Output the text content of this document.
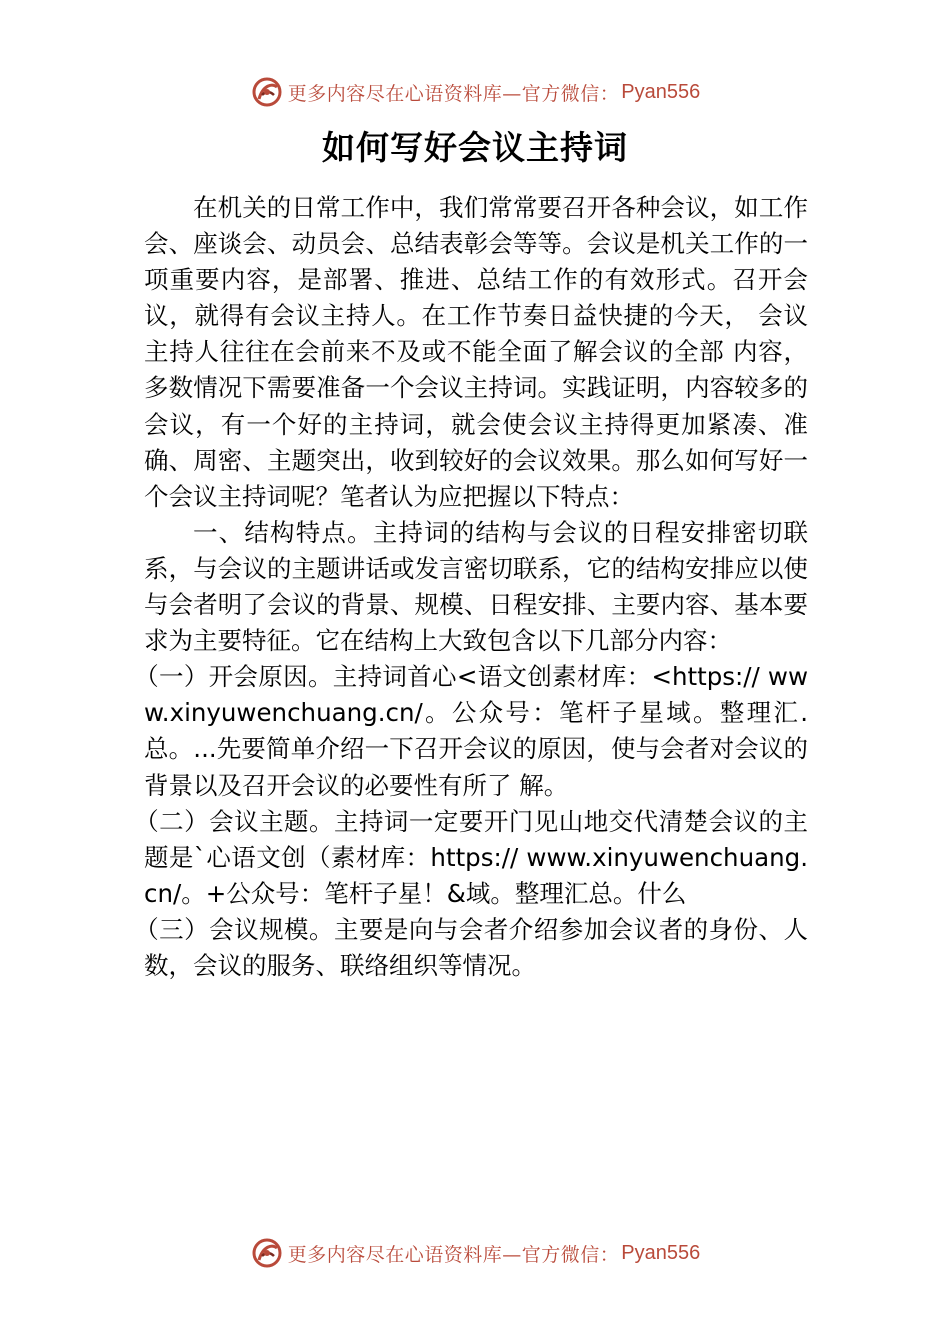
更多内容尽在心语资料库—官方微信： Pyan556
如何写好会议主持词

在机关的日常工作中，我们常常要召开各种会议，如工作会、座谈会、动员会、总结表彰会等等。会议是机关工作的一项重要内容，是部署、推进、总结工作的有效形式。召开会议，就得有会议主持人。在工作节奏日益快捷的今天， 会议主持人往往在会前来不及或不能全面了解会议的全部 内容，多数情况下需要准备一个会议主持词。实践证明，内容较多的会议，有一个好的主持词，就会使会议主持得更加紧凑、准确、周密、主题突出，收到较好的会议效果。那么如何写好一个会议主持词呢？笔者认为应把握以下特点：

一、结构特点。主持词的结构与会议的日程安排密切联系，与会议的主题讲话或发言密切联系，它的结构安排应以使与会者明了会议的背景、规模、日程安排、主要内容、基本要求为主要特征。它在结构上大致包含以下几部分内容：

（一）开会原因。主持词首心<语文创素材库：<https:// www.xinyuwenchuang.cn/。公众号：笔杆子星域。整理汇.总。...先要简单介绍一下召开会议的原因，使与会者对会议的背景以及召开会议的必要性有所了 解。

（二）会议主题。主持词一定要开门见山地交代清楚会议的主题是`心语文创（素材库：https:// www.xinyuwenchuang.cn/。+公众号：笔杆子星！&域。整理汇总。什么

（三）会议规模。主要是向与会者介绍参加会议者的身份、人数，会议的服务、联络组织等情况。

更多内容尽在心语资料库—官方微信： Pyan556
